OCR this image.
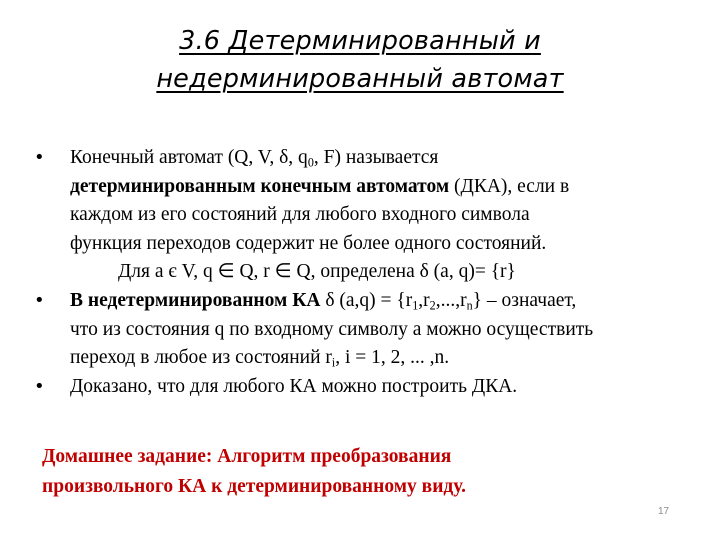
3.6 Детерминированный и
недерминированный автомат
• Конечный автомат (Q, V, δ, $q_0$, F) называется
детерминированным конечным автоматом (ДКА), если в
каждом из его состояний для любого входного символа
функция переходов содержит не более одного состояний.
Для a є V, q ∈ Q, r ∈ Q, определена δ (a, q)= {r}
• В недетерминированном КА δ $(a,q) = \{r_1,r_2,...,r_n\}$ – означает,
что из состояния q по входному символу a можно осуществить
переход в любое из состояний $r_i$, i = 1, 2, ... ,n.
• Доказано, что для любого КА можно построить ДКА.
Домашнее задание: Алгоритм преобразования
произвольного КА к детерминированному виду.
17
